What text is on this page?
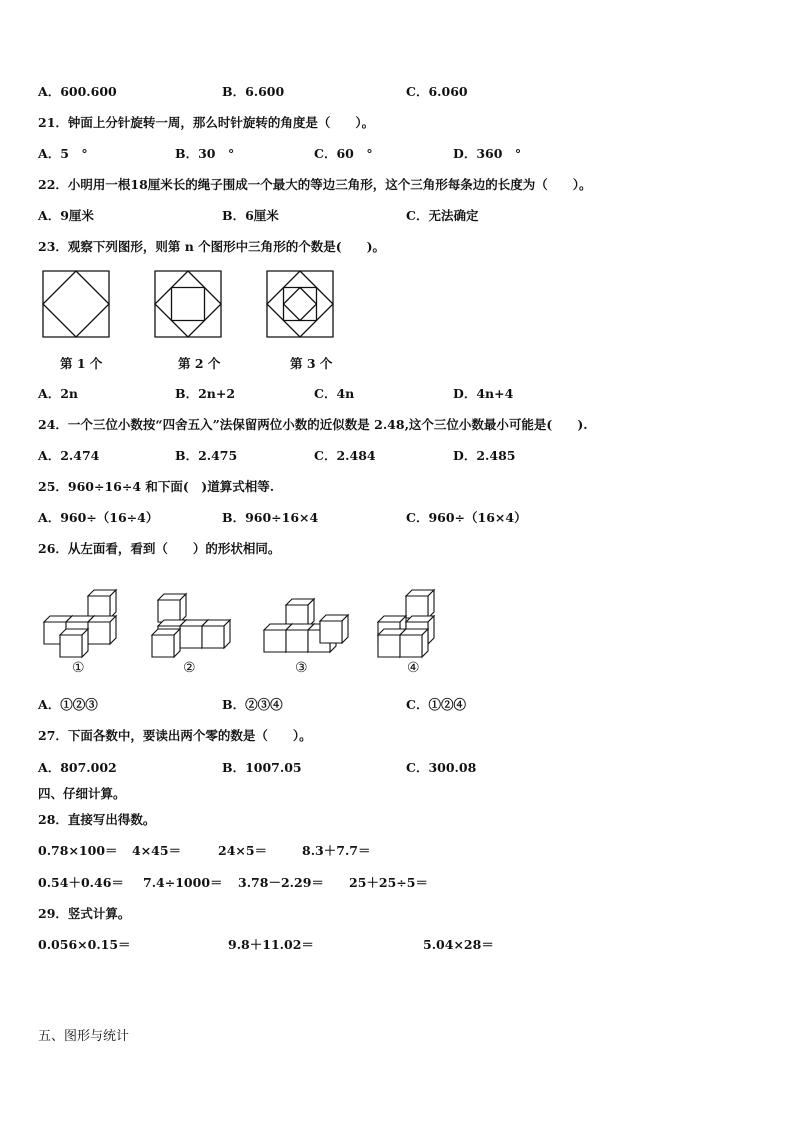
A．600.600	B．6.600	C．6.060
21．钟面上分针旋转一周，那么时针旋转的角度是（　　）。
A．5　°	B．30　°	C．60　°	D．360　°
22．小明用一根18厘米长的绳子围成一个最大的等边三角形，这个三角形每条边的长度为（　　）。
A．9厘米	B．6厘米	C．无法确定
23．观察下列图形，则第 n 个图形中三角形的个数是(　　)。
第 1 个	第 2 个	第 3 个
A．2n	B．2n+2	C．4n	D．4n+4
24．一个三位小数按“四舍五入”法保留两位小数的近似数是 2.48,这个三位小数最小可能是(　　).
A．2.474	B．2.475	C．2.484	D．2.485
25．960÷16÷4 和下面(　)道算式相等.
A．960÷（16÷4）	B．960÷16×4	C．960÷（16×4）
26．从左面看，看到（　　）的形状相同。
①	②	③	④
A．①②③	B．②③④	C．①②④
27．下面各数中，要读出两个零的数是（　　）。
A．807.002	B．1007.05	C．300.08
四、仔细计算。
28．直接写出得数。
0.78×100＝ 4×45＝	24×5＝	8.3＋7.7＝
0.54＋0.46＝ 7.4÷1000＝ 3.78－2.29＝ 25＋25÷5＝
29．竖式计算。
0.056×0.15＝	9.8＋11.02＝	5.04×28＝
五、图形与统计
